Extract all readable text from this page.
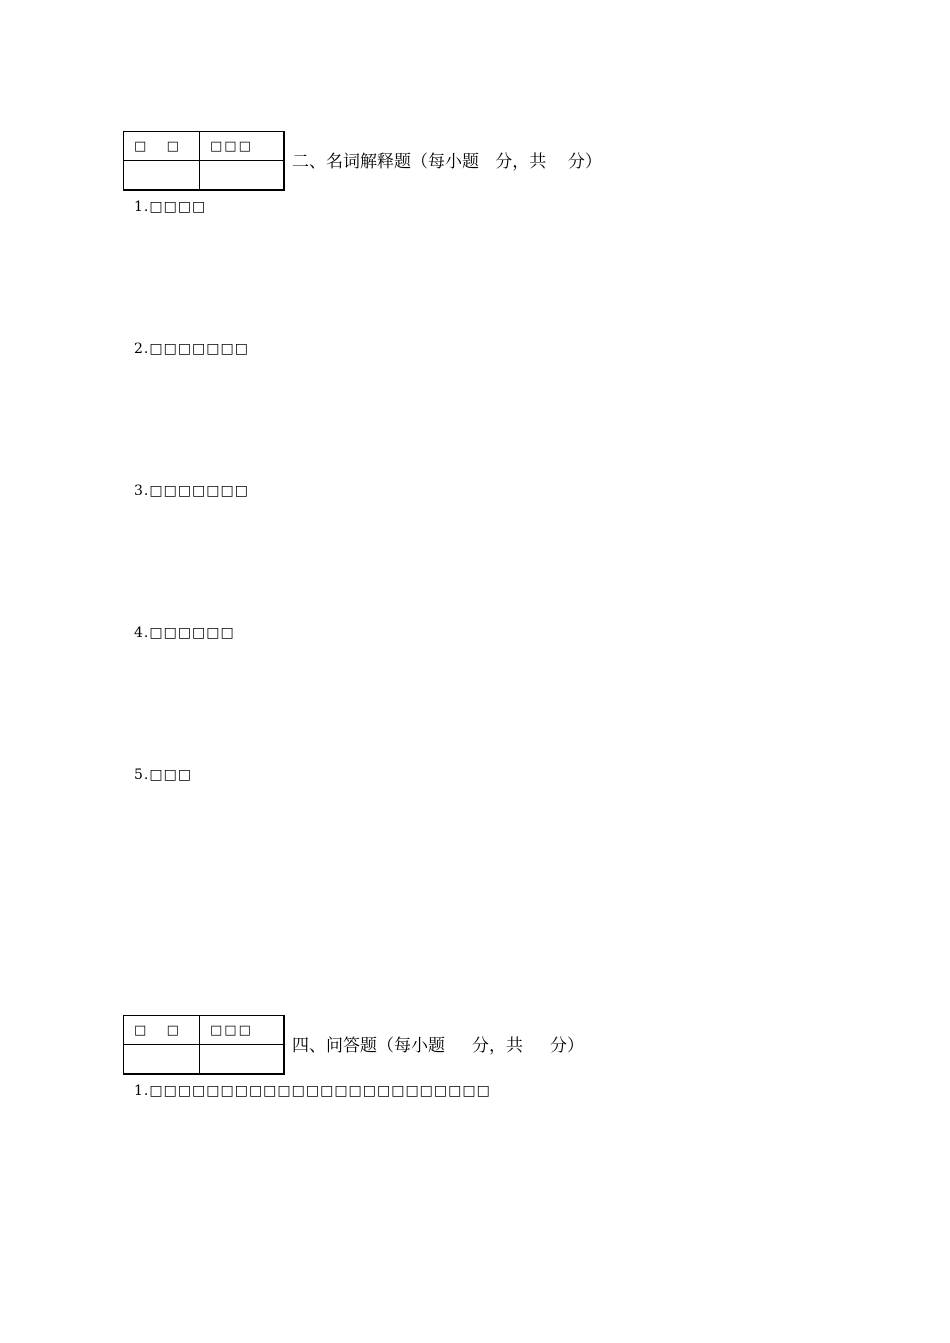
□   □	□□□

二、名词解释题（每小题   分，共    分）
1.□□□□
2.□□□□□□□
3.□□□□□□□
4.□□□□□□
5.□□□
□   □	□□□

四、问答题（每小题     分，共     分）
1.□□□□□□□□□□□□□□□□□□□□□□□□
